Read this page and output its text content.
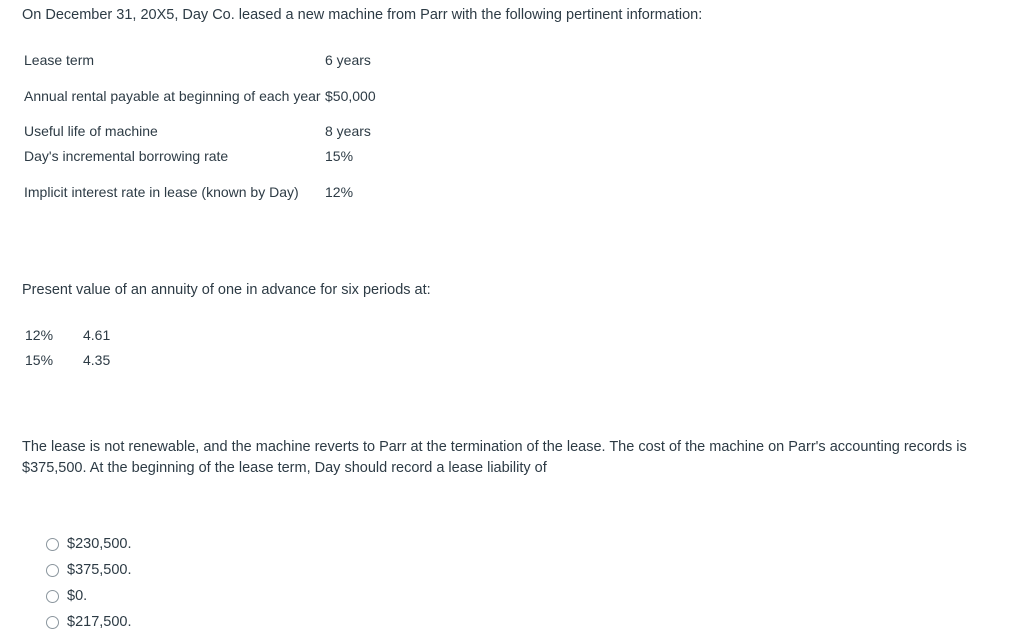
On December 31, 20X5, Day Co. leased a new machine from Parr with the following pertinent information:

Lease term	6 years
Annual rental payable at beginning of each year	$50,000
Useful life of machine	8 years
Day's incremental borrowing rate	15%
Implicit interest rate in lease (known by Day)	12%

Present value of an annuity of one in advance for six periods at:

12%	4.61
15%	4.35

The lease is not renewable, and the machine reverts to Parr at the termination of the lease. The cost of the machine on Parr's accounting records is $375,500. At the beginning of the lease term, Day should record a lease liability of

$230,500.
$375,500.
$0.
$217,500.
